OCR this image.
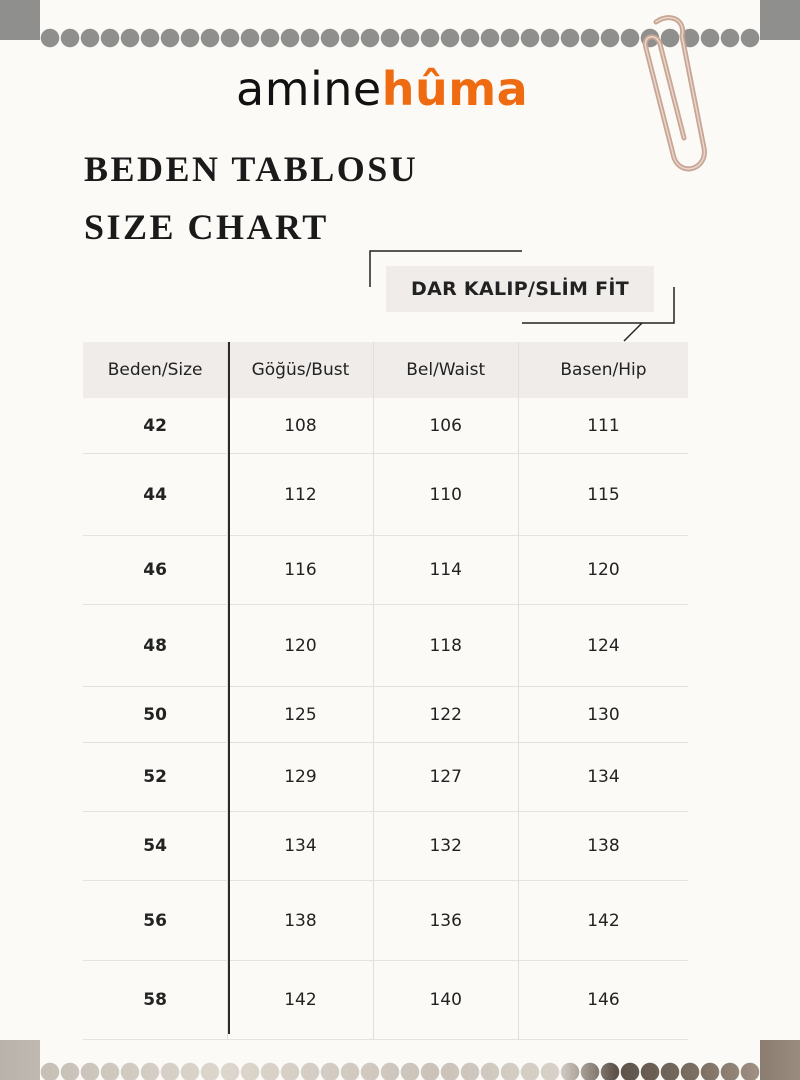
aminehûma
BEDEN TABLOSU
SIZE CHART
DAR KALIP/SLİM FİT
Beden/Size	Göğüs/Bust	Bel/Waist	Basen/Hip
42	108	106	111
44	112	110	115
46	116	114	120
48	120	118	124
50	125	122	130
52	129	127	134
54	134	132	138
56	138	136	142
58	142	140	146
